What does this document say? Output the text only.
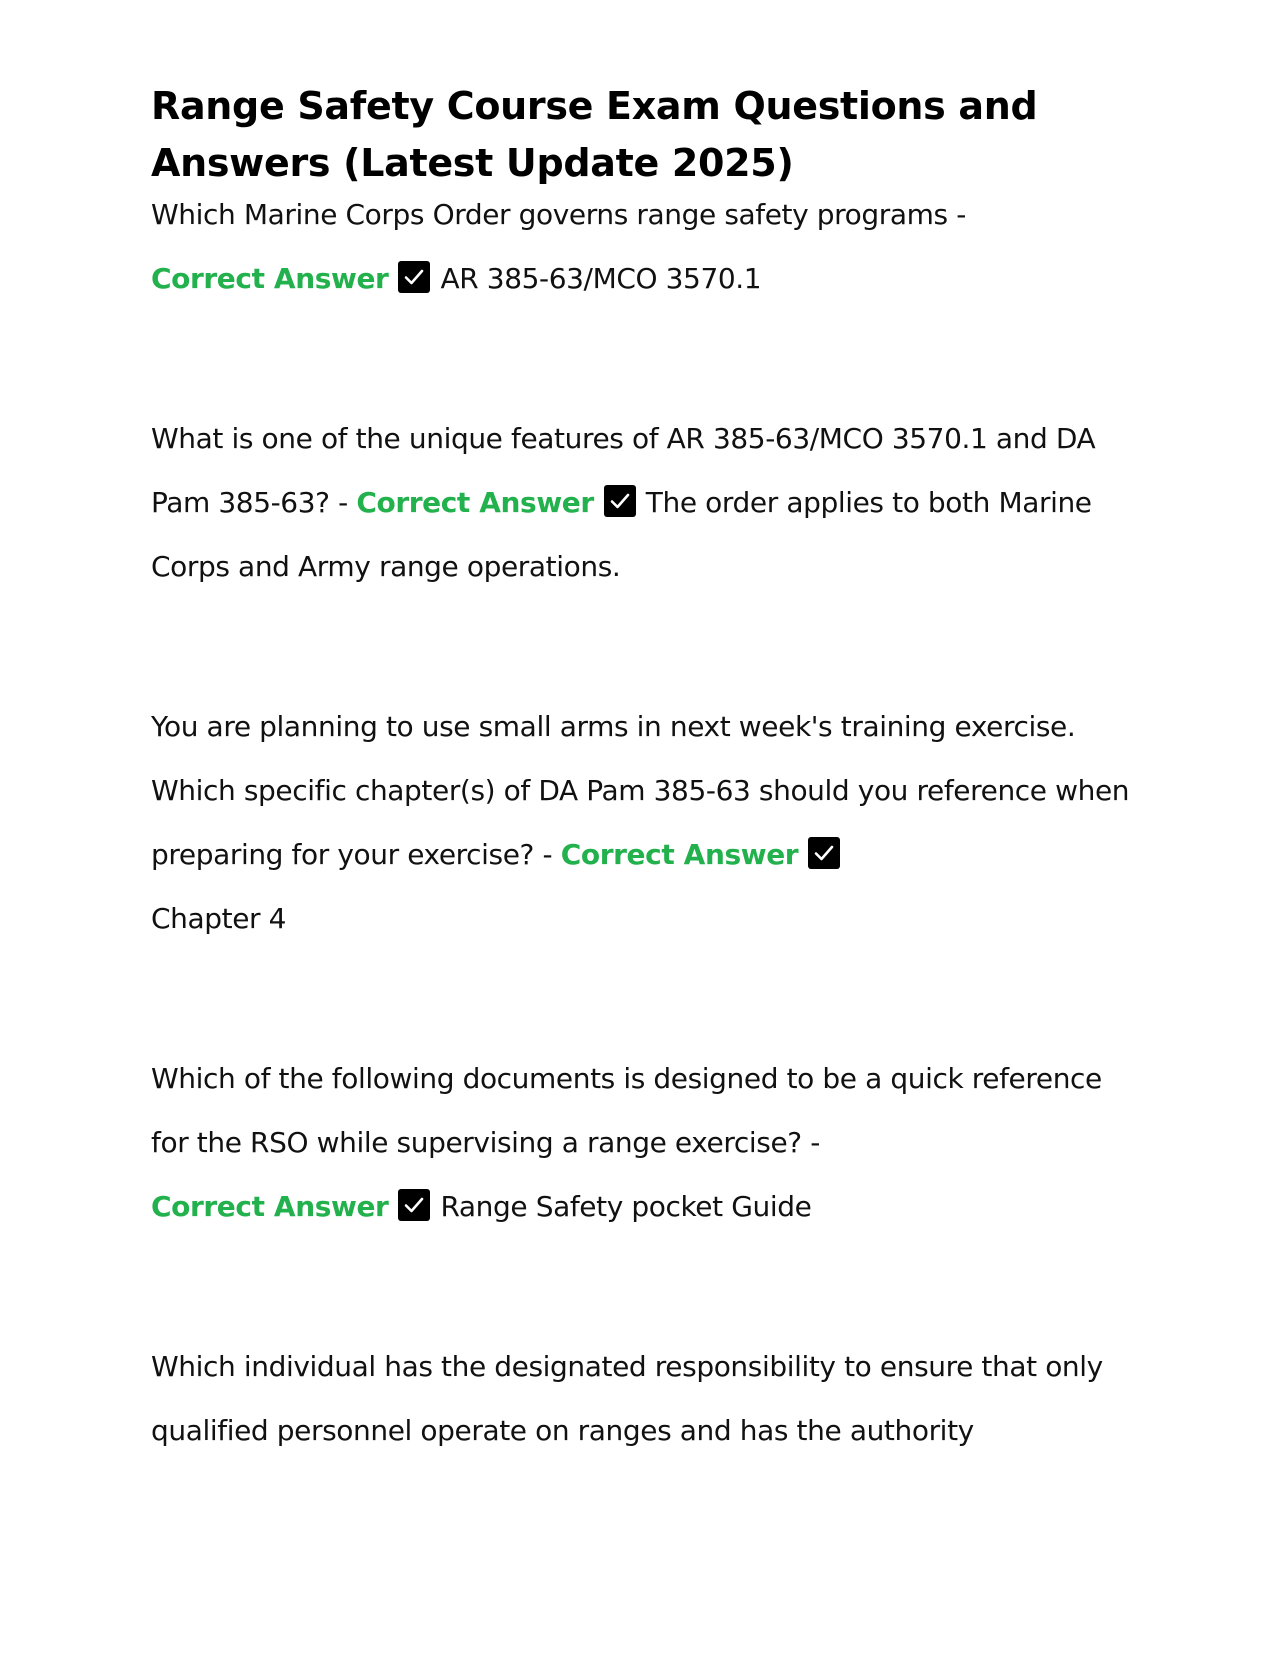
Range Safety Course Exam Questions and Answers (Latest Update 2025)

Which Marine Corps Order governs range safety programs -
Correct Answer AR 385-63/MCO 3570.1

What is one of the unique features of AR 385-63/MCO 3570.1 and DA Pam 385-63? - Correct Answer The order applies to both Marine Corps and Army range operations.

You are planning to use small arms in next week's training exercise. Which specific chapter(s) of DA Pam 385-63 should you reference when preparing for your exercise? - Correct Answer

Chapter 4

Which of the following documents is designed to be a quick reference for the RSO while supervising a range exercise? -
Correct Answer Range Safety pocket Guide

Which individual has the designated responsibility to ensure that only qualified personnel operate on ranges and has the authority
